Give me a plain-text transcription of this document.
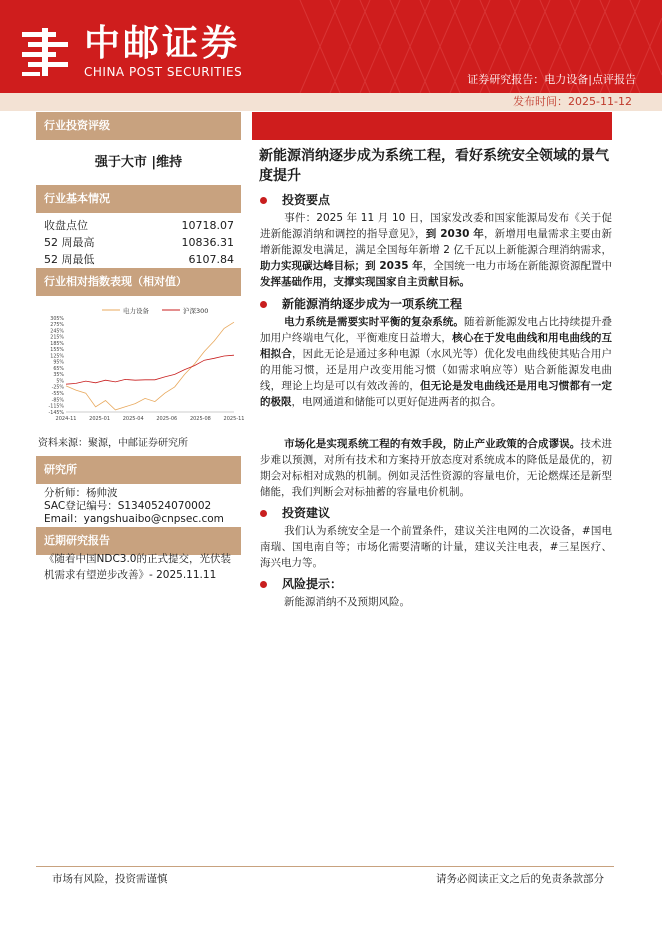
中邮证券
CHINA POST SECURITIES
证券研究报告：电力设备|点评报告
发布时间：2025-11-12
行业投资评级
强于大市 |维持
行业基本情况
收盘点位	10718.07
52 周最高	10836.31
52 周最低	6107.84
行业相对指数表现（相对值）
电力设备	沪深300
305%
275%
245%
215%
185%
155%
125%
95%
65%
35%
5%
-25%
-55%
-85%
-115%
-145%
2024-11	2025-01	2025-04	2025-06	2025-08	2025-11
资料来源：聚源，中邮证券研究所
研究所
分析师：杨帅波
SAC登记编号：S1340524070002
Email：yangshuaibo@cnpsec.com
近期研究报告
《随着中国NDC3.0的正式提交，光伏装机需求有望逆步改善》- 2025.11.11
新能源消纳逐步成为系统工程，看好系统安全领域的景气度提升
投资要点
事件：2025 年 11 月 10 日，国家发改委和国家能源局发布《关于促进新能源消纳和调控的指导意见》，到 2030 年，新增用电量需求主要由新增新能源发电满足，满足全国每年新增 2 亿千瓦以上新能源合理消纳需求，助力实现碳达峰目标；到 2035 年，全国统一电力市场在新能源资源配置中发挥基础作用，支撑实现国家自主贡献目标。
新能源消纳逐步成为一项系统工程
电力系统是需要实时平衡的复杂系统。随着新能源发电占比持续提升叠加用户终端电气化，平衡难度日益增大，核心在于发电曲线和用电曲线的互相拟合，因此无论是通过多种电源（水风光等）优化发电曲线使其贴合用户的用能习惯，还是用户改变用能习惯（如需求响应等）贴合新能源发电曲线，理论上均是可以有效改善的，但无论是发电曲线还是用电习惯都有一定的极限，电网通道和储能可以更好促进两者的拟合。
市场化是实现系统工程的有效手段，防止产业政策的合成谬误。技术进步难以预测，对所有技术和方案持开放态度对系统成本的降低是最优的，初期会对标相对成熟的机制。例如灵活性资源的容量电价，无论燃煤还是新型储能，我们判断会对标抽蓄的容量电价机制。
投资建议
我们认为系统安全是一个前置条件，建议关注电网的二次设备，#国电南瑞、国电南自等；市场化需要清晰的计量，建议关注电表，#三星医疗、海兴电力等。
风险提示：
新能源消纳不及预期风险。
市场有风险，投资需谨慎	请务必阅读正文之后的免责条款部分
